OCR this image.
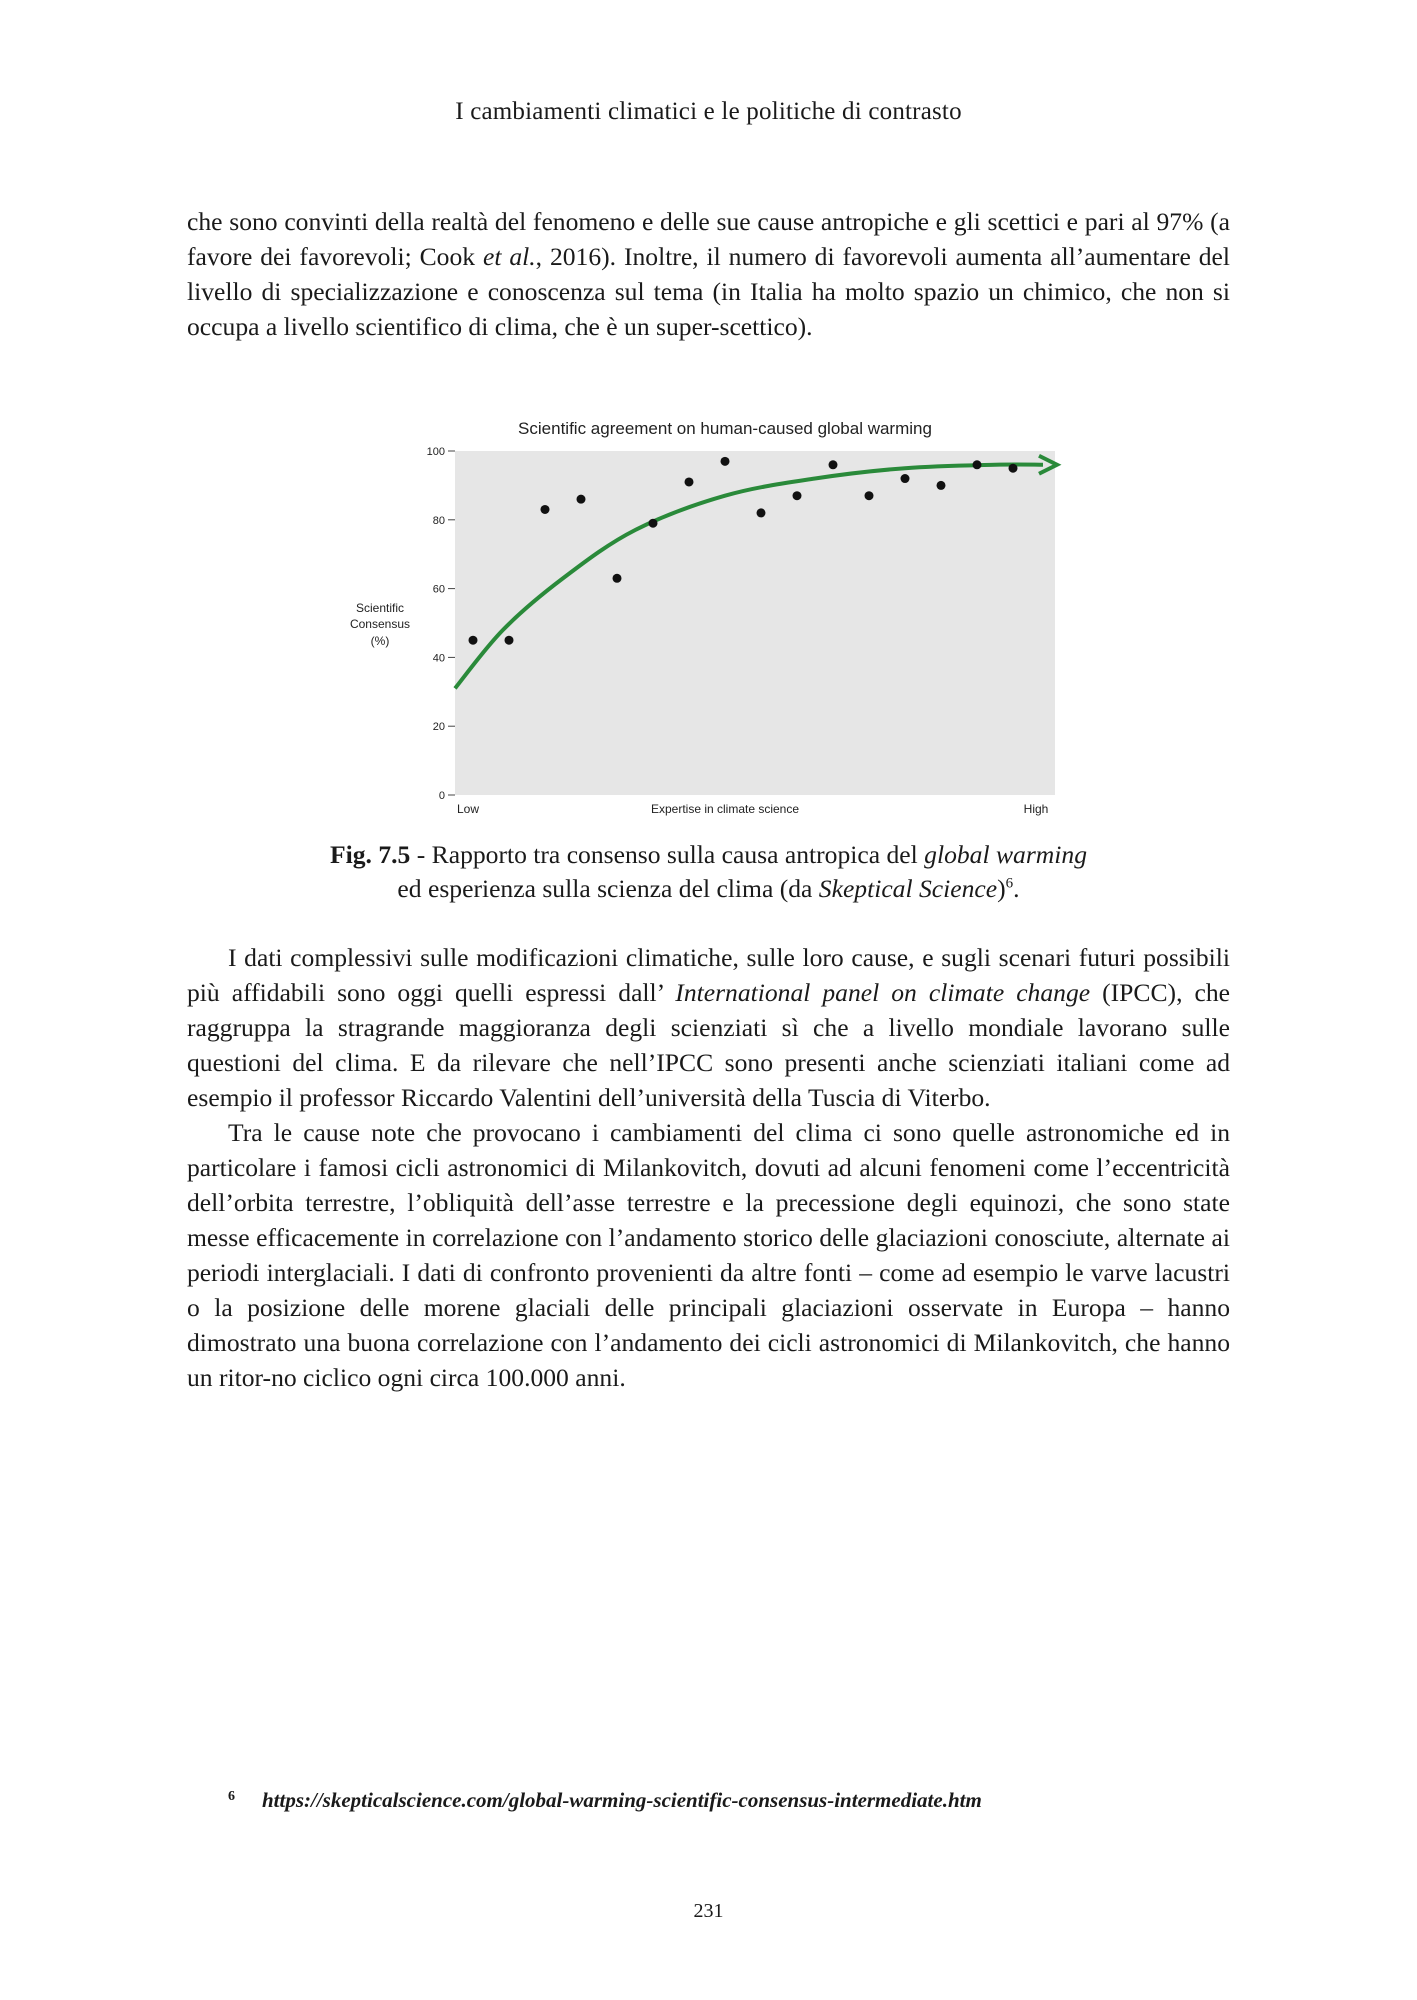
I cambiamenti climatici e le politiche di contrasto

che sono convinti della realtà del fenomeno e delle sue cause antropiche e gli scettici e pari al 97% (a favore dei favorevoli; Cook et al., 2016). Inoltre, il numero di favorevoli aumenta all’aumentare del livello di specializzazione e conoscenza sul tema (in Italia ha molto spazio un chimico, che non si occupa a livello scientifico di clima, che è un super-scettico).

Scientific agreement on human-caused global warming
Scientific
Consensus
(%)
Low	Expertise in climate science	High
0
20
40
60
80
100
Fig. 7.5 - Rapporto tra consenso sulla causa antropica del global warming
ed esperienza sulla scienza del clima (da Skeptical Science)$^6$.

I dati complessivi sulle modificazioni climatiche, sulle loro cause, e sugli scenari futuri possibili più affidabili sono oggi quelli espressi dall’ International panel on climate change (IPCC), che raggruppa la stragrande maggioranza degli scienziati sì che a livello mondiale lavorano sulle questioni del clima. E da rilevare che nell’IPCC sono presenti anche scienziati italiani come ad esempio il professor Riccardo Valentini dell’università della Tuscia di Viterbo.

Tra le cause note che provocano i cambiamenti del clima ci sono quelle astronomiche ed in particolare i famosi cicli astronomici di Milankovitch, dovuti ad alcuni fenomeni come l’eccentricità dell’orbita terrestre, l’obliquità dell’asse terrestre e la precessione degli equinozi, che sono state messe efficacemente in correlazione con l’andamento storico delle glaciazioni conosciute, alternate ai periodi interglaciali. I dati di confronto provenienti da altre fonti – come ad esempio le varve lacustri o la posizione delle morene glaciali delle principali glaciazioni osservate in Europa – hanno dimostrato una buona correlazione con l’andamento dei cicli astronomici di Milankovitch, che hanno un ritor-no ciclico ogni circa 100.000 anni.

6 https://skepticalscience.com/global-warming-scientific-consensus-intermediate.htm
231
